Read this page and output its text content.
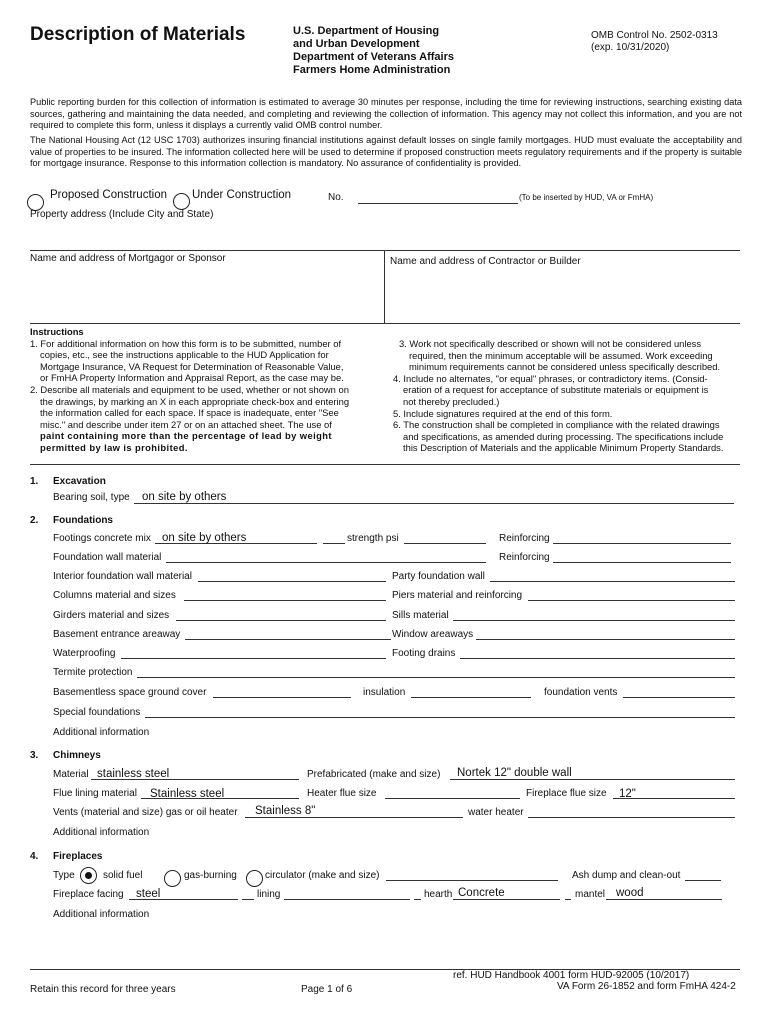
Description of Materials	U.S. Department of Housing
and Urban Development
Department of Veterans Affairs
Farmers Home Administration
OMB Control No. 2502-0313
(exp. 10/31/2020)
Public reporting burden for this collection of information is estimated to average 30 minutes per response, including the time for reviewing instructions, searching existing data sources, gathering and maintaining the data needed, and completing and reviewing the collection of information. This agency may not collect this information, and you are not required to complete this form, unless it displays a currently valid OMB control number.
The National Housing Act (12 USC 1703) authorizes insuring financial institutions against default losses on single family mortgages. HUD must evaluate the acceptability and value of properties to be insured. The information collected here will be used to determine if proposed construction meets regulatory requirements and if the property is suitable for mortgage insurance. Response to this information collection is mandatory. No assurance of confidentiality is provided.
Proposed Construction Under Construction	No.	(To be inserted by HUD, VA or FmHA)
Property address (Include City and State)
Name and address of Mortgagor or Sponsor	Name and address of Contractor or Builder

Instructions

1. For additional information on how this form is to be submitted, number of

copies, etc., see the instructions applicable to the HUD Application for

Mortgage Insurance, VA Request for Determination of Reasonable Value,

or FmHA Property Information and Appraisal Report, as the case may be.

2. Describe all materials and equipment to be used, whether or not shown on

the drawings, by marking an X in each appropriate check-box and entering

the information called for each space. If space is inadequate, enter "See

misc." and describe under item 27 or on an attached sheet. The use of

paint containing more than the percentage of lead by weight

permitted by law is prohibited.

3. Work not specifically described or shown will not be considered unless

required, then the minimum acceptable will be assumed. Work exceeding

minimum requirements cannot be considered unless specifically described.

4. Include no alternates, "or equal" phrases, or contradictory items. (Consid-

eration of a request for acceptance of substitute materials or equipment is

not thereby precluded.)

5. Include signatures required at the end of this form.

6. The construction shall be completed in compliance with the related drawings

and specifications, as amended during processing. The specifications include

this Description of Materials and the applicable Minimum Property Standards.

1. Excavation
Bearing soil, type on site by others
2. Foundations
Footings concrete mix on site by others	strength psi	Reinforcing
Foundation wall material	Reinforcing
Interior foundation wall material	Party foundation wall
Columns material and sizes	Piers material and reinforcing
Girders material and sizes	Sills material
Basement entrance areaway	Window areaways
Waterproofing	Footing drains
Termite protection
Basementless space ground cover	insulation	foundation vents
Special foundations
Additional information
3. Chimneys
Material stainless steel	Prefabricated (make and size) Nortek 12" double wall
Flue lining material Stainless steel	Heater flue size	Fireplace flue size 12"
Vents (material and size) gas or oil heater Stainless 8"	water heater
Additional information
4. Fireplaces
Type	solid fuel	gas-burning	circulator (make and size)	Ash dump and clean-out
Fireplace facing steel	lining	hearth Concrete	mantel wood
Additional information
Retain this record for three years	Page 1 of 6
ref. HUD Handbook 4001 form HUD-92005 (10/2017)
VA Form 26-1852 and form FmHA 424-2
